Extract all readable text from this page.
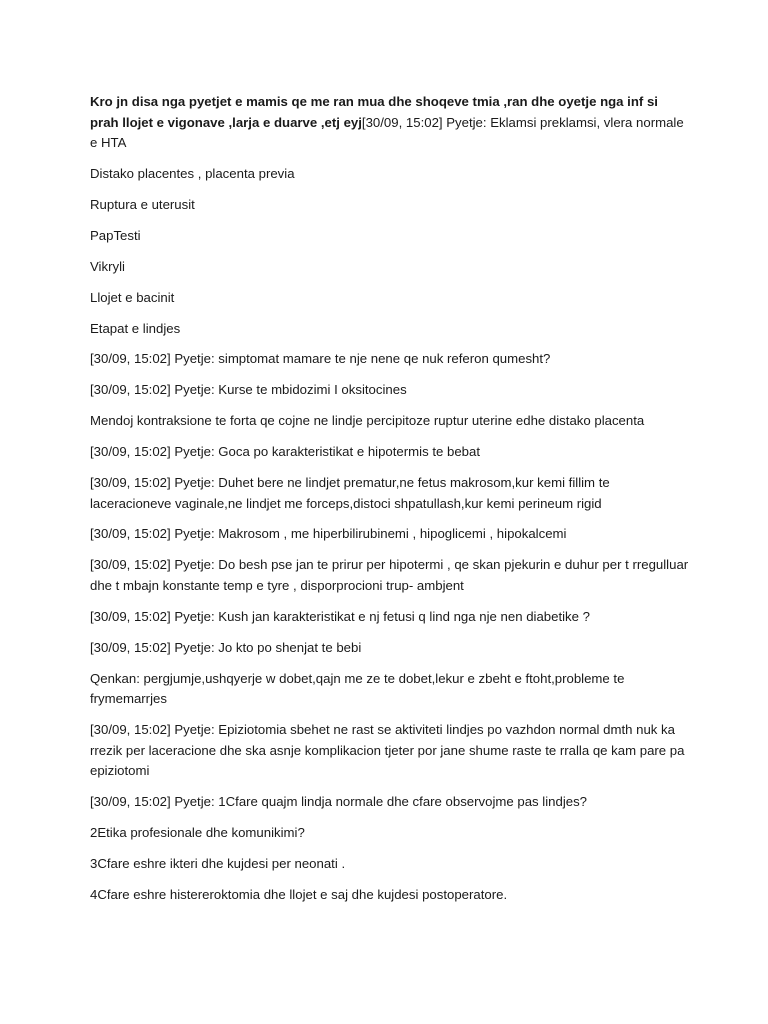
Kro jn disa nga pyetjet e mamis qe me ran mua dhe shoqeve tmia ,ran dhe oyetje nga inf si prah llojet e vigonave ,larja e duarve ,etj eyj[30/09, 15:02] Pyetje: Eklamsi preklamsi, vlera normale e HTA

Distako placentes , placenta previa

Ruptura e uterusit

PapTesti

Vikryli

Llojet e bacinit

Etapat e lindjes

[30/09, 15:02] Pyetje: simptomat mamare te nje nene qe nuk referon qumesht?

[30/09, 15:02] Pyetje: Kurse te mbidozimi I oksitocines

Mendoj kontraksione te forta qe cojne ne lindje percipitoze ruptur uterine edhe distako placenta

[30/09, 15:02] Pyetje: Goca po karakteristikat e hipotermis te bebat

[30/09, 15:02] Pyetje: Duhet bere ne lindjet prematur,ne fetus makrosom,kur kemi fillim te laceracioneve vaginale,ne lindjet me forceps,distoci shpatullash,kur kemi perineum rigid

[30/09, 15:02] Pyetje: Makrosom , me hiperbilirubinemi , hipoglicemi , hipokalcemi

[30/09, 15:02] Pyetje: Do besh pse jan te prirur per hipotermi , qe skan pjekurin e duhur per t rregulluar dhe t mbajn konstante temp e tyre , disporprocioni trup- ambjent

[30/09, 15:02] Pyetje: Kush jan karakteristikat e nj fetusi q lind nga nje nen diabetike ?

[30/09, 15:02] Pyetje: Jo kto po shenjat te bebi

Qenkan: pergjumje,ushqyerje w dobet,qajn me ze te dobet,lekur e zbeht e ftoht,probleme te frymemarrjes

[30/09, 15:02] Pyetje: Epiziotomia sbehet ne rast se aktiviteti lindjes po vazhdon normal dmth nuk ka rrezik per laceracione dhe ska asnje komplikacion tjeter por jane shume raste te rralla qe kam pare pa epiziotomi

[30/09, 15:02] Pyetje: 1Cfare quajm lindja normale dhe cfare observojme pas lindjes?

2Etika profesionale dhe komunikimi?

3Cfare eshre ikteri dhe kujdesi per neonati .

4Cfare eshre histereroktomia dhe llojet e saj dhe kujdesi postoperatore.
